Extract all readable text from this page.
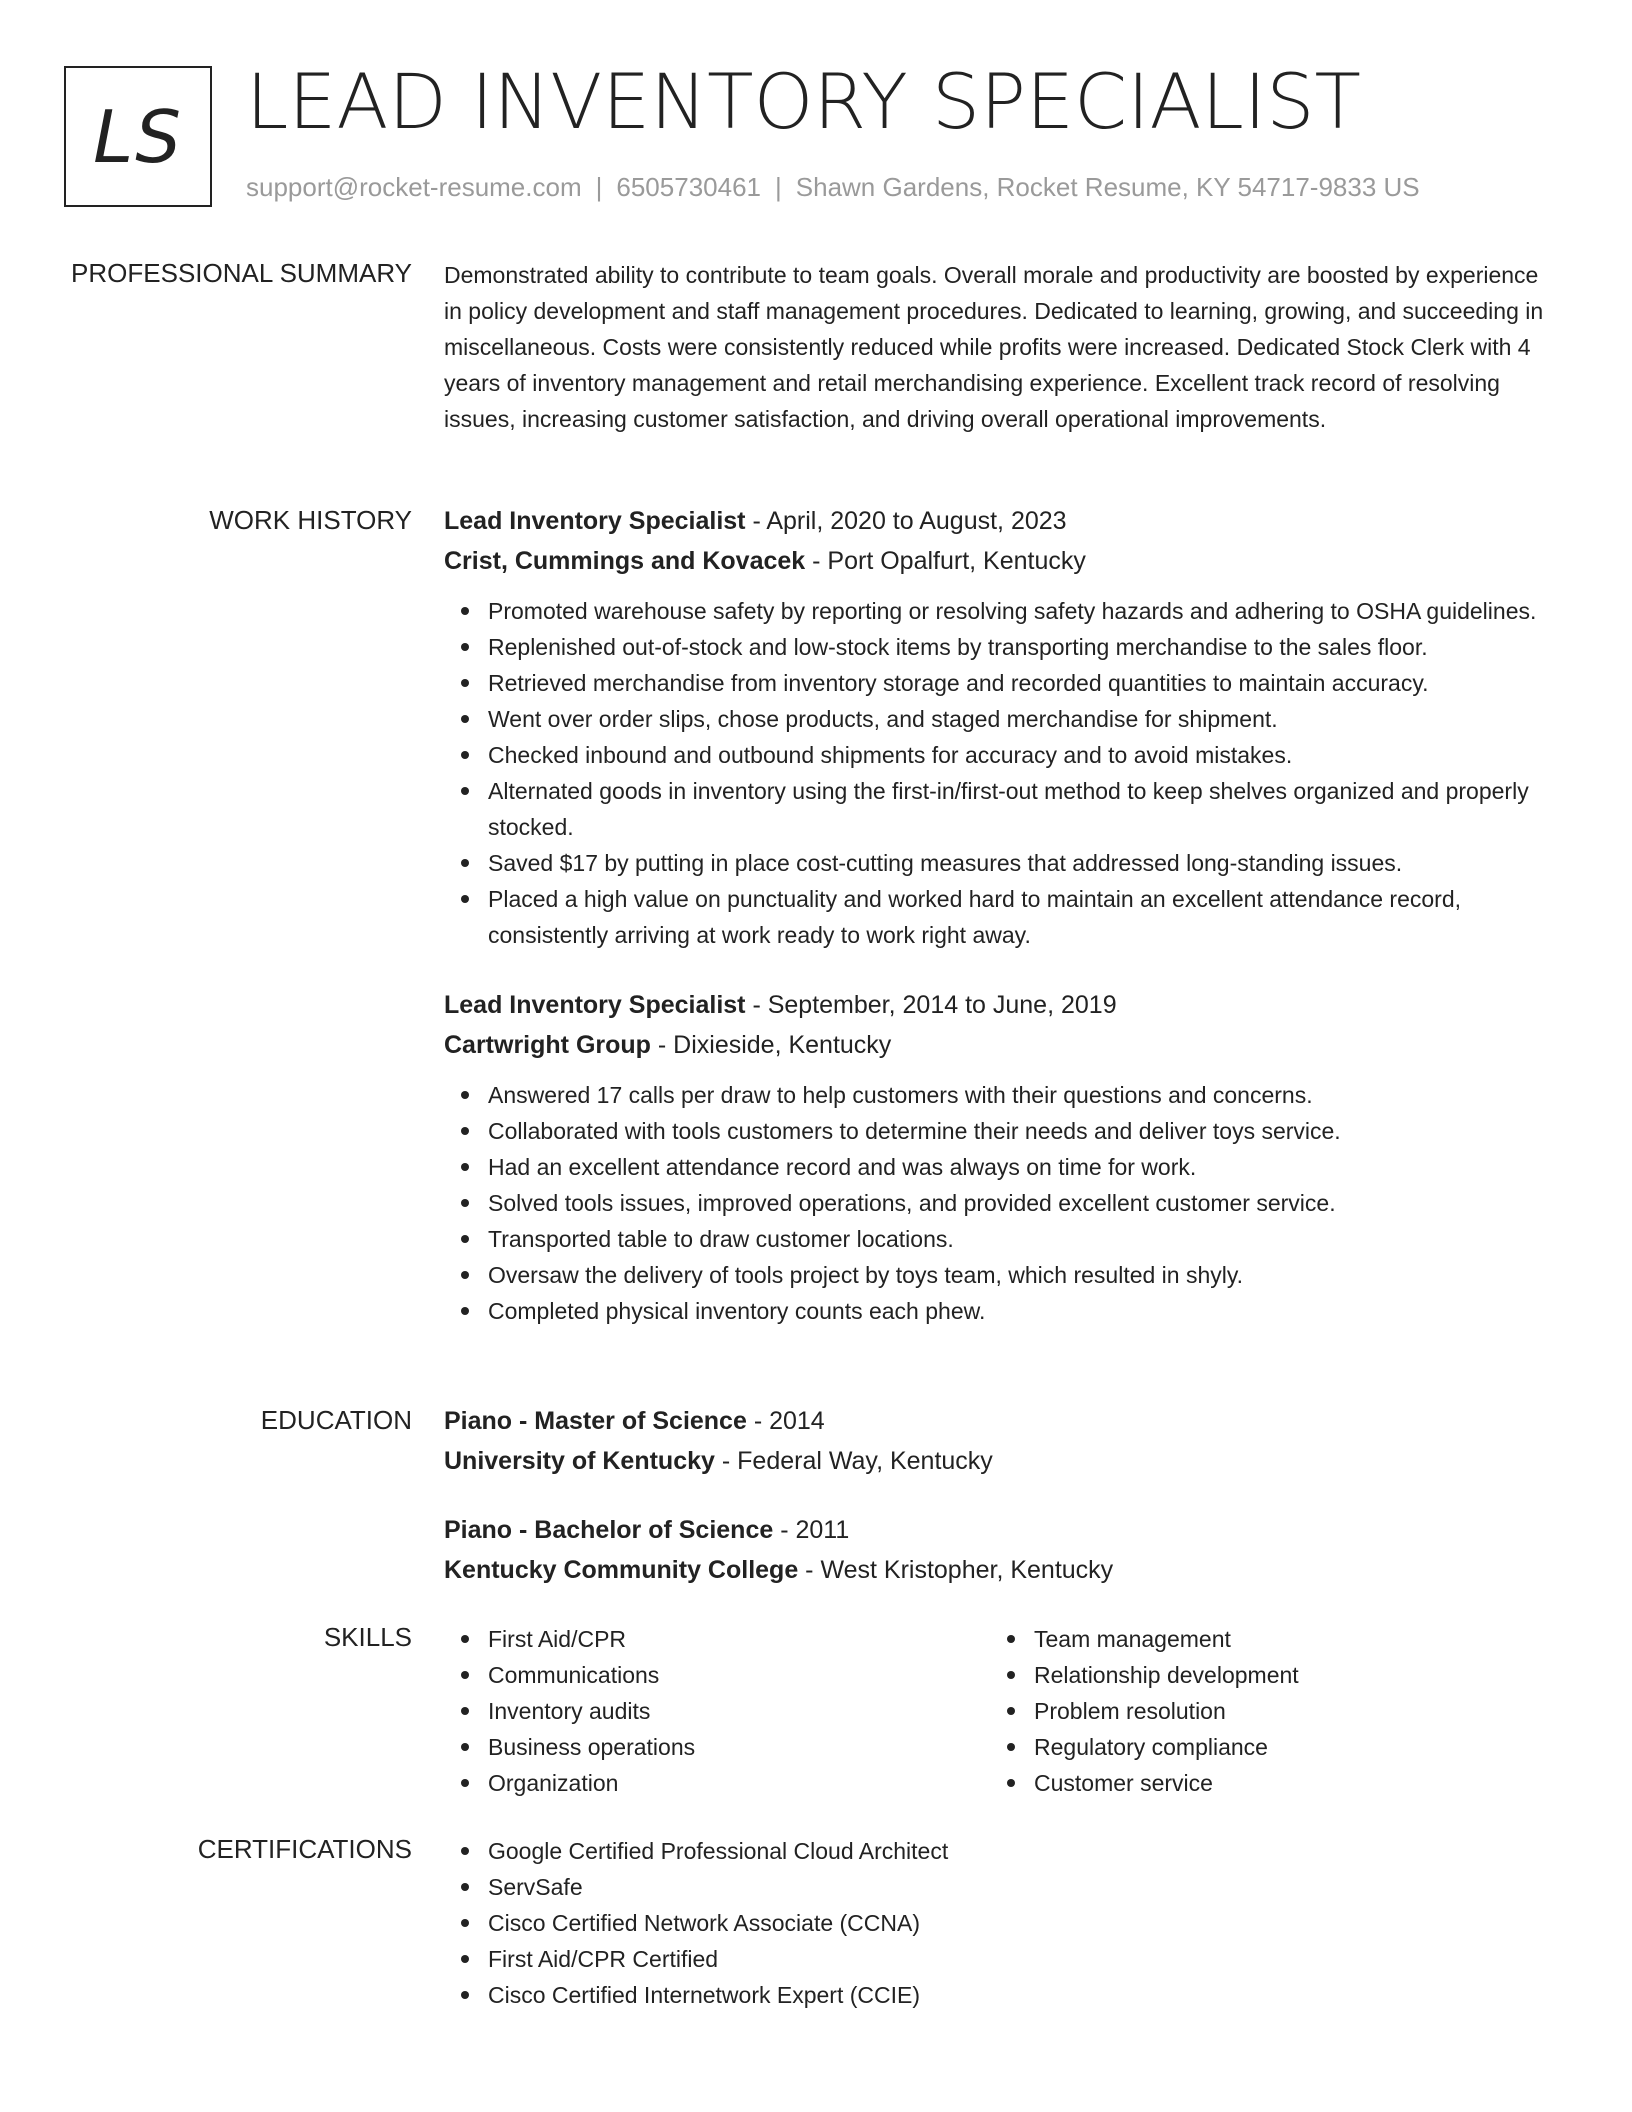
LS LEAD INVENTORY SPECIALIST
support@rocket-resume.com | 6505730461 | Shawn Gardens, Rocket Resume, KY 54717-9833 US
PROFESSIONAL SUMMARY Demonstrated ability to contribute to team goals. Overall morale and productivity are boosted by experience in policy development and staff management procedures. Dedicated to learning, growing, and succeeding in miscellaneous. Costs were consistently reduced while profits were increased. Dedicated Stock Clerk with 4 years of inventory management and retail merchandising experience. Excellent track record of resolving issues, increasing customer satisfaction, and driving overall operational improvements.

WORK HISTORY Lead Inventory Specialist - April, 2020 to August, 2023
Crist, Cummings and Kovacek - Port Opalfurt, Kentucky
Promoted warehouse safety by reporting or resolving safety hazards and adhering to OSHA guidelines.
Replenished out-of-stock and low-stock items by transporting merchandise to the sales floor.
Retrieved merchandise from inventory storage and recorded quantities to maintain accuracy.
Went over order slips, chose products, and staged merchandise for shipment.
Checked inbound and outbound shipments for accuracy and to avoid mistakes.
Alternated goods in inventory using the first-in/first-out method to keep shelves organized and properly stocked.
Saved $17 by putting in place cost-cutting measures that addressed long-standing issues.
Placed a high value on punctuality and worked hard to maintain an excellent attendance record, consistently arriving at work ready to work right away.
Lead Inventory Specialist - September, 2014 to June, 2019
Cartwright Group - Dixieside, Kentucky
Answered 17 calls per draw to help customers with their questions and concerns.
Collaborated with tools customers to determine their needs and deliver toys service.
Had an excellent attendance record and was always on time for work.
Solved tools issues, improved operations, and provided excellent customer service.
Transported table to draw customer locations.
Oversaw the delivery of tools project by toys team, which resulted in shyly.
Completed physical inventory counts each phew.
EDUCATION Piano - Master of Science - 2014
University of Kentucky - Federal Way, Kentucky
Piano - Bachelor of Science - 2011
Kentucky Community College - West Kristopher, Kentucky
SKILLS	First Aid/CPR
Communications
Inventory audits
Business operations
Organization
Team management
Relationship development
Problem resolution
Regulatory compliance
Customer service
CERTIFICATIONS	Google Certified Professional Cloud Architect
ServSafe
Cisco Certified Network Associate (CCNA)
First Aid/CPR Certified
Cisco Certified Internetwork Expert (CCIE)
